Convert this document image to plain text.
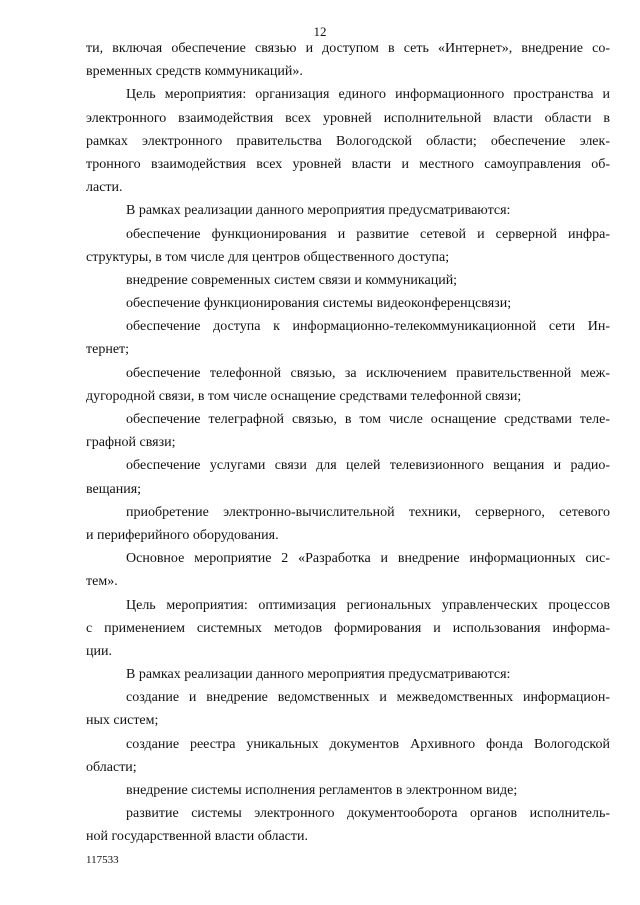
12
ти, включая обеспечение связью и доступом в сеть «Интернет», внедрение со-
временных средств коммуникаций».
Цель мероприятия: организация единого информационного пространства и
электронного взаимодействия всех уровней исполнительной власти области в
рамках электронного правительства Вологодской области; обеспечение элек-
тронного взаимодействия всех уровней власти и местного самоуправления об-
ласти.
В рамках реализации данного мероприятия предусматриваются:
обеспечение функционирования и развитие сетевой и серверной инфра-
структуры, в том числе для центров общественного доступа;
внедрение современных систем связи и коммуникаций;
обеспечение функционирования системы видеоконференцсвязи;
обеспечение доступа к информационно-телекоммуникационной сети Ин-
тернет;
обеспечение телефонной связью, за исключением правительственной меж-
дугородной связи, в том числе оснащение средствами телефонной связи;
обеспечение телеграфной связью, в том числе оснащение средствами теле-
графной связи;
обеспечение услугами связи для целей телевизионного вещания и радио-
вещания;
приобретение электронно-вычислительной техники, серверного, сетевого
и периферийного оборудования.
Основное мероприятие 2 «Разработка и внедрение информационных сис-
тем».
Цель мероприятия: оптимизация региональных управленческих процессов
с применением системных методов формирования и использования информа-
ции.
В рамках реализации данного мероприятия предусматриваются:
создание и внедрение ведомственных и межведомственных информацион-
ных систем;
создание реестра уникальных документов Архивного фонда Вологодской
области;
внедрение системы исполнения регламентов в электронном виде;
развитие системы электронного документооборота органов исполнитель-
ной государственной власти области.
117533
